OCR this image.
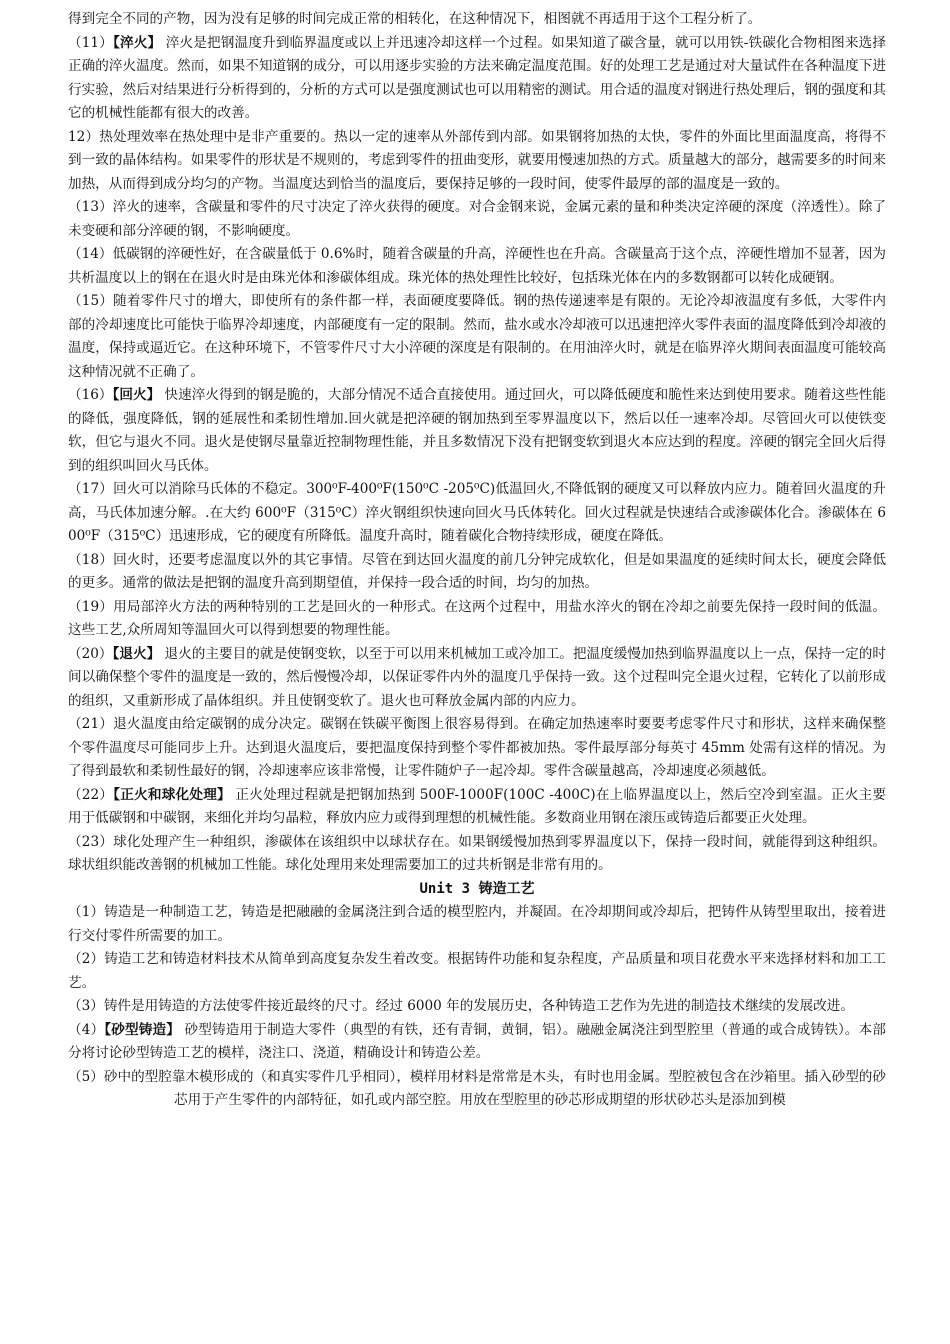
得到完全不同的产物，因为没有足够的时间完成正常的相转化，在这种情况下，相图就不再适用于这个工程分析了。

（11）【淬火】 淬火是把钢温度升到临界温度或以上并迅速冷却这样一个过程。如果知道了碳含量，就可以用铁-铁碳化合物相图来选择正确的淬火温度。然而，如果不知道钢的成分，可以用逐步实验的方法来确定温度范围。好的处理工艺是通过对大量试件在各种温度下进行实验，然后对结果进行分析得到的，分析的方式可以是强度测试也可以用精密的测试。用合适的温度对钢进行热处理后，钢的强度和其它的机械性能都有很大的改善。

12）热处理效率在热处理中是非产重要的。热以一定的速率从外部传到内部。如果钢将加热的太快，零件的外面比里面温度高，将得不到一致的晶体结构。如果零件的形状是不规则的，考虑到零件的扭曲变形，就要用慢速加热的方式。质量越大的部分，越需要多的时间来加热，从而得到成分均匀的产物。当温度达到恰当的温度后，要保持足够的一段时间，使零件最厚的部的温度是一致的。

（13）淬火的速率，含碳量和零件的尺寸决定了淬火获得的硬度。对合金钢来说，金属元素的量和种类决定淬硬的深度（淬透性）。除了未变硬和部分淬硬的钢，不影响硬度。

（14）低碳钢的淬硬性好，在含碳量低于 0.6%时，随着含碳量的升高，淬硬性也在升高。含碳量高于这个点，淬硬性增加不显著，因为共析温度以上的钢在在退火时是由珠光体和渗碳体组成。珠光体的热处理性比较好，包括珠光体在内的多数钢都可以转化成硬钢。

（15）随着零件尺寸的增大，即使所有的条件都一样，表面硬度要降低。钢的热传递速率是有限的。无论冷却液温度有多低，大零件内部的冷却速度比可能快于临界冷却速度，内部硬度有一定的限制。然而，盐水或水冷却液可以迅速把淬火零件表面的温度降低到冷却液的温度，保持或逼近它。在这种环境下，不管零件尺寸大小淬硬的深度是有限制的。在用油淬火时，就是在临界淬火期间表面温度可能较高这种情况就不正确了。

（16）【回火】 快速淬火得到的钢是脆的，大部分情况不适合直接使用。通过回火，可以降低硬度和脆性来达到使用要求。随着这些性能的降低，强度降低，钢的延展性和柔韧性增加.回火就是把淬硬的钢加热到至零界温度以下，然后以任一速率冷却。尽管回火可以使铁变软，但它与退火不同。退火是使钢尽量靠近控制物理性能，并且多数情况下没有把钢变软到退火本应达到的程度。淬硬的钢完全回火后得到的组织叫回火马氏体。

（17）回火可以消除马氏体的不稳定。300⁰F-400⁰F(150⁰C -205⁰C)低温回火,不降低钢的硬度又可以释放内应力。随着回火温度的升高，马氏体加速分解。.在大约 600⁰F（315⁰C）淬火钢组织快速向回火马氏体转化。回火过程就是快速结合或渗碳体化合。渗碳体在 600⁰F（315⁰C）迅速形成，它的硬度有所降低。温度升高时，随着碳化合物持续形成，硬度在降低。

（18）回火时，还要考虑温度以外的其它事情。尽管在到达回火温度的前几分钟完成软化，但是如果温度的延续时间太长，硬度会降低的更多。通常的做法是把钢的温度升高到期望值，并保持一段合适的时间，均匀的加热。

（19）用局部淬火方法的两种特别的工艺是回火的一种形式。在这两个过程中，用盐水淬火的钢在冷却之前要先保持一段时间的低温。这些工艺,众所周知等温回火可以得到想要的物理性能。

（20）【退火】 退火的主要目的就是使钢变软，以至于可以用来机械加工或冷加工。把温度缓慢加热到临界温度以上一点，保持一定的时间以确保整个零件的温度是一致的，然后慢慢冷却，以保证零件内外的温度几乎保持一致。这个过程叫完全退火过程，它转化了以前形成的组织，又重新形成了晶体组织。并且使钢变软了。退火也可释放金属内部的内应力。

（21）退火温度由给定碳钢的成分决定。碳钢在铁碳平衡图上很容易得到。在确定加热速率时要要考虑零件尺寸和形状，这样来确保整个零件温度尽可能同步上升。达到退火温度后，要把温度保持到整个零件都被加热。零件最厚部分每英寸 45mm 处需有这样的情况。为了得到最软和柔韧性最好的钢，冷却速率应该非常慢，让零件随炉子一起冷却。零件含碳量越高，冷却速度必须越低。

（22）【正火和球化处理】 正火处理过程就是把钢加热到 500F-1000F(100C -400C)在上临界温度以上，然后空冷到室温。正火主要用于低碳钢和中碳钢，来细化并均匀晶粒，释放内应力或得到理想的机械性能。多数商业用钢在滚压或铸造后都要正火处理。

（23）球化处理产生一种组织，渗碳体在该组织中以球状存在。如果钢缓慢加热到零界温度以下，保持一段时间，就能得到这种组织。球状组织能改善钢的机械加工性能。球化处理用来处理需要加工的过共析钢是非常有用的。

Unit 3 铸造工艺

（1）铸造是一种制造工艺，铸造是把融融的金属浇注到合适的模型腔内，并凝固。在冷却期间或冷却后，把铸件从铸型里取出，接着进行交付零件所需要的加工。

（2）铸造工艺和铸造材料技术从简单到高度复杂发生着改变。根据铸件功能和复杂程度，产品质量和项目花费水平来选择材料和加工工艺。

（3）铸件是用铸造的方法使零件接近最终的尺寸。经过 6000 年的发展历史，各种铸造工艺作为先进的制造技术继续的发展改进。

（4）【砂型铸造】 砂型铸造用于制造大零件（典型的有铁，还有青铜，黄铜，铝）。融融金属浇注到型腔里（普通的或合成铸铁）。本部分将讨论砂型铸造工艺的模样，浇注口、浇道，精确设计和铸造公差。

（5）砂中的型腔靠木模形成的（和真实零件几乎相同），模样用材料是常常是木头，有时也用金属。型腔被包含在沙箱里。插入砂型的砂芯用于产生零件的内部特征，如孔或内部空腔。用放在型腔里的砂芯形成期望的形状砂芯头是添加到模
